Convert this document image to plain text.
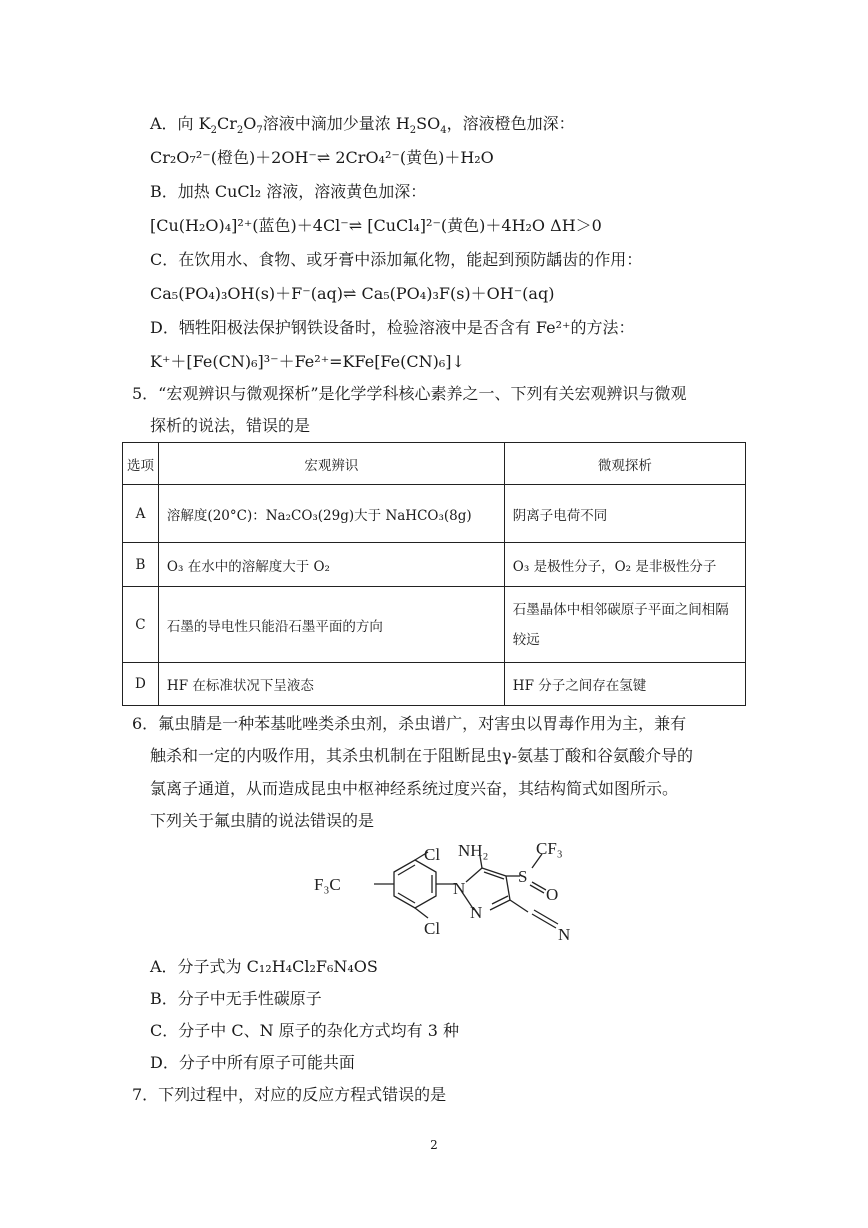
A．向 $K_2Cr_2O_7$溶液中滴加少量浓 $H_2SO_4$，溶液橙色加深：
Cr₂O₇²⁻(橙色)＋2OH⁻⇌ 2CrO₄²⁻(黄色)＋H₂O
B．加热 CuCl₂ 溶液，溶液黄色加深：
[Cu(H₂O)₄]²⁺(蓝色)＋4Cl⁻⇌ [CuCl₄]²⁻(黄色)＋4H₂O ΔH＞0
C．在饮用水、食物、或牙膏中添加氟化物，能起到预防龋齿的作用：
Ca₅(PO₄)₃OH(s)＋F⁻(aq)⇌ Ca₅(PO₄)₃F(s)＋OH⁻(aq)
D．牺牲阳极法保护钢铁设备时，检验溶液中是否含有 Fe²⁺的方法：
K⁺＋[Fe(CN)₆]³⁻＋Fe²⁺=KFe[Fe(CN)₆]↓
5．“宏观辨识与微观探析”是化学学科核心素养之一、下列有关宏观辨识与微观
探析的说法，错误的是
选项	宏观辨识	微观探析
A	溶解度(20°C)：Na₂CO₃(29g)大于 NaHCO₃(8g)	阴离子电荷不同
B	O₃ 在水中的溶解度大于 O₂	O₃ 是极性分子，O₂ 是非极性分子
C	石墨的导电性只能沿石墨平面的方向	石墨晶体中相邻碳原子平面之间相隔较远
D	HF 在标准状况下呈液态	HF 分子之间存在氢键
6．氟虫腈是一种苯基吡唑类杀虫剂，杀虫谱广，对害虫以胃毒作用为主，兼有
触杀和一定的内吸作用，其杀虫机制在于阻断昆虫γ-氨基丁酸和谷氨酸介导的
氯离子通道，从而造成昆虫中枢神经系统过度兴奋，其结构简式如图所示。
下列关于氟虫腈的说法错误的是
Cl NH₂	CF₃
F₃C	S
O
N
N
Cl	N
A．分子式为 C₁₂H₄Cl₂F₆N₄OS
B．分子中无手性碳原子
C．分子中 C、N 原子的杂化方式均有 3 种
D．分子中所有原子可能共面
7．下列过程中，对应的反应方程式错误的是
2
